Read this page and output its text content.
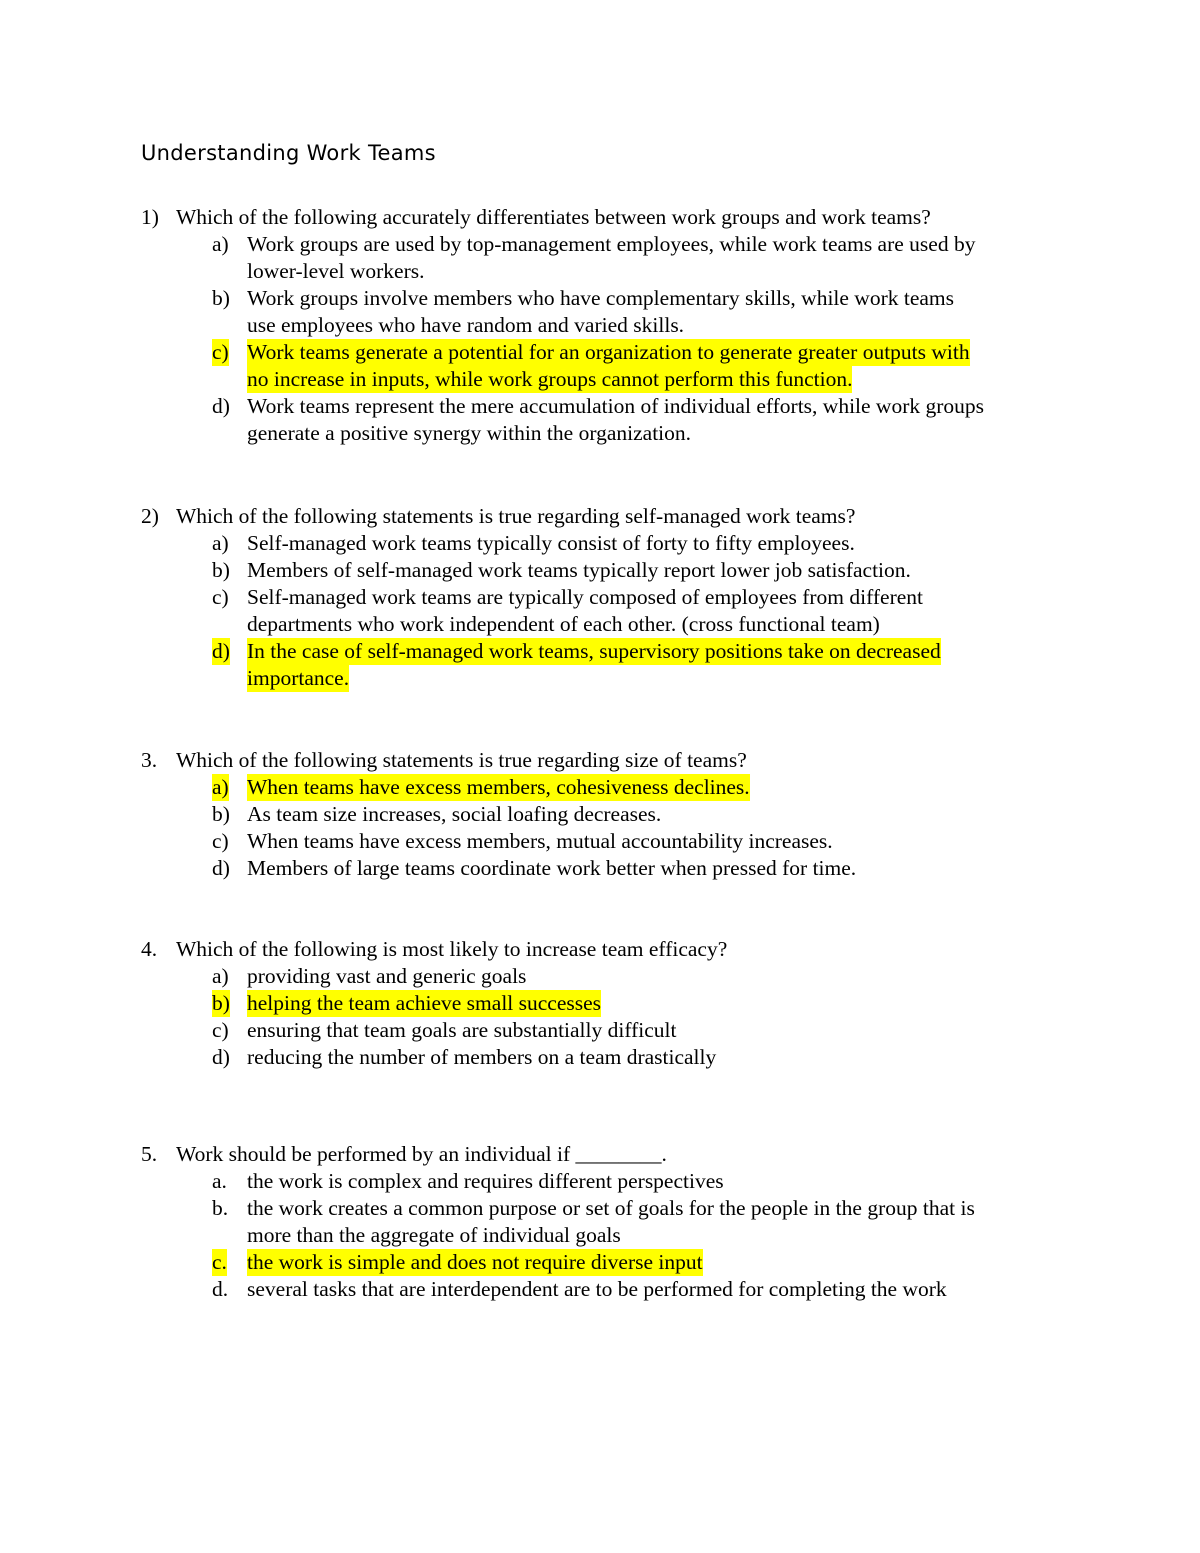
Understanding Work Teams
1) Which of the following accurately differentiates between work groups and work teams?
a) Work groups are used by top-management employees, while work teams are used by
lower-level workers.
b) Work groups involve members who have complementary skills, while work teams
use employees who have random and varied skills.
c) Work teams generate a potential for an organization to generate greater outputs with
no increase in inputs, while work groups cannot perform this function.
d) Work teams represent the mere accumulation of individual efforts, while work groups
generate a positive synergy within the organization.
2) Which of the following statements is true regarding self-managed work teams?
a) Self-managed work teams typically consist of forty to fifty employees.
b) Members of self-managed work teams typically report lower job satisfaction.
c) Self-managed work teams are typically composed of employees from different
departments who work independent of each other. (cross functional team)
d) In the case of self-managed work teams, supervisory positions take on decreased
importance.
3. Which of the following statements is true regarding size of teams?
a) When teams have excess members, cohesiveness declines.
b) As team size increases, social loafing decreases.
c) When teams have excess members, mutual accountability increases.
d) Members of large teams coordinate work better when pressed for time.
4. Which of the following is most likely to increase team efficacy?
a) providing vast and generic goals
b) helping the team achieve small successes
c) ensuring that team goals are substantially difficult
d) reducing the number of members on a team drastically
5. Work should be performed by an individual if ________.
a. the work is complex and requires different perspectives
b. the work creates a common purpose or set of goals for the people in the group that is
more than the aggregate of individual goals
c. the work is simple and does not require diverse input
d. several tasks that are interdependent are to be performed for completing the work
